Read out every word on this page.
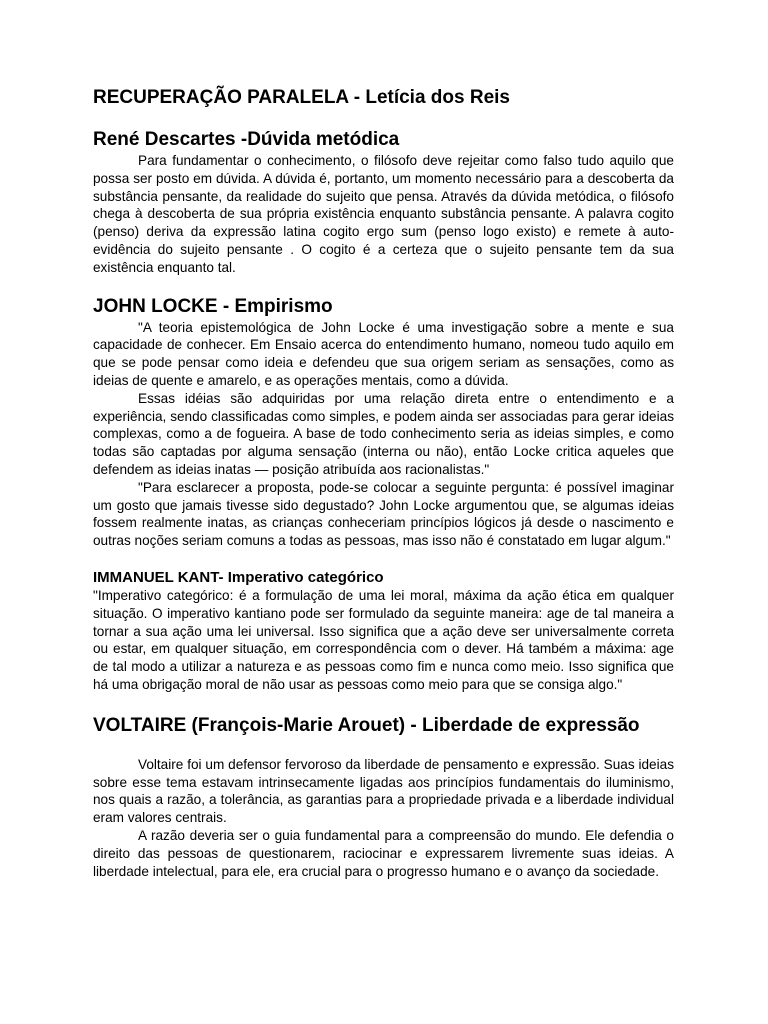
RECUPERAÇÃO PARALELA - Letícia dos Reis
René Descartes -Dúvida metódica

Para fundamentar o conhecimento, o filósofo deve rejeitar como falso tudo aquilo que possa ser posto em dúvida. A dúvida é, portanto, um momento necessário para a descoberta da substância pensante, da realidade do sujeito que pensa. Através da dúvida metódica, o filósofo chega à descoberta de sua própria existência enquanto substância pensante. A palavra cogito (penso) deriva da expressão latina cogito ergo sum (penso logo existo) e remete à auto-evidência do sujeito pensante . O cogito é a certeza que o sujeito pensante tem da sua existência enquanto tal.

JOHN LOCKE - Empirismo

"A teoria epistemológica de John Locke é uma investigação sobre a mente e sua capacidade de conhecer. Em Ensaio acerca do entendimento humano, nomeou tudo aquilo em que se pode pensar como ideia e defendeu que sua origem seriam as sensações, como as ideias de quente e amarelo, e as operações mentais, como a dúvida.

Essas idéias são adquiridas por uma relação direta entre o entendimento e a experiência, sendo classificadas como simples, e podem ainda ser associadas para gerar ideias complexas, como a de fogueira. A base de todo conhecimento seria as ideias simples, e como todas são captadas por alguma sensação (interna ou não), então Locke critica aqueles que defendem as ideias inatas — posição atribuída aos racionalistas."

"Para esclarecer a proposta, pode-se colocar a seguinte pergunta: é possível imaginar um gosto que jamais tivesse sido degustado? John Locke argumentou que, se algumas ideias fossem realmente inatas, as crianças conheceriam princípios lógicos já desde o nascimento e outras noções seriam comuns a todas as pessoas, mas isso não é constatado em lugar algum."

IMMANUEL KANT- Imperativo categórico

"Imperativo categórico: é a formulação de uma lei moral, máxima da ação ética em qualquer situação. O imperativo kantiano pode ser formulado da seguinte maneira: age de tal maneira a tornar a sua ação uma lei universal. Isso significa que a ação deve ser universalmente correta ou estar, em qualquer situação, em correspondência com o dever. Há também a máxima: age de tal modo a utilizar a natureza e as pessoas como fim e nunca como meio. Isso significa que há uma obrigação moral de não usar as pessoas como meio para que se consiga algo."

VOLTAIRE (François-Marie Arouet) - Liberdade de expressão

Voltaire foi um defensor fervoroso da liberdade de pensamento e expressão. Suas ideias sobre esse tema estavam intrinsecamente ligadas aos princípios fundamentais do iluminismo, nos quais a razão, a tolerância, as garantias para a propriedade privada e a liberdade individual eram valores centrais.

A razão deveria ser o guia fundamental para a compreensão do mundo. Ele defendia o direito das pessoas de questionarem, raciocinar e expressarem livremente suas ideias. A liberdade intelectual, para ele, era crucial para o progresso humano e o avanço da sociedade.
